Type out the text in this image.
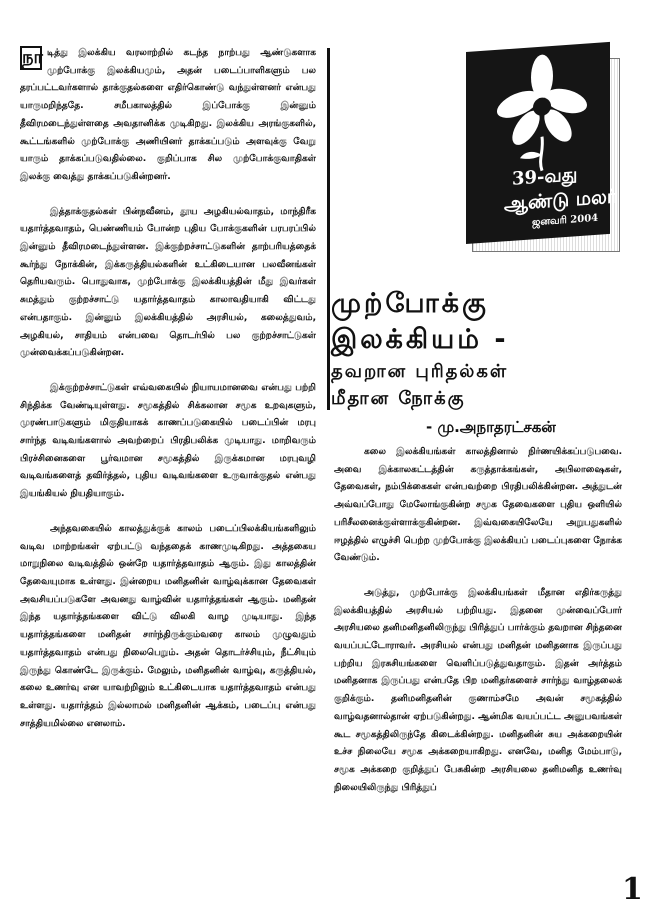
நா டித்து இலக்கிய வரலாற்றில் கடந்த நாற்பது ஆண்டுகளாக முற்போக்கு இலக்கியமும், அதன் படைப்பாளிகளும் பல தரப்பட்டவர்களால் தாக்குதல்களை எதிர்கொண்டு வந்துள்ளனர் என்பது யாருமறிந்ததே. சமீபகாலத்தில் இப்போக்கு இன்னும் தீவிரமடைந்துள்ளதை அவதானிக்க முடிகிறது. இலக்கிய அரங்குகளில், கூட்டங்களில் முற்போக்கு அணியினர் தாக்கப்படும் அளவுக்கு வேறு யாரும் தாக்கப்படுவதில்லை. குறிப்பாக சில முற்போக்குவாதிகள் இலக்கு வைத்து தாக்கப்படுகின்றனர்.

இத்தாக்குதல்கள் பின்நவீனம், தூய அழகியல்வாதம், மாந்திரீக யதார்த்தவாதம், பெண்ணியம் போன்ற புதிய போக்குகளின் பரபரப்பில் இன்னும் தீவிரமடைந்துள்ளன. இக்குற்றச்சாட்டுகளின் தாற்பரியத்தைக் கூர்ந்து நோக்கின், இக்கருத்தியல்களின் உட்கிடையான பலவீனங்கள் தெரியவரும். பொதுவாக, முற்போக்கு இலக்கியத்தின் மீது இவர்கள் சுமத்தும் குற்றச்சாட்டு யதார்த்தவாதம் காலாவதியாகி விட்டது என்பதாகும். இன்னும் இலக்கியத்தில் அரசியல், கலைத்துவம், அழகியல், சாதியம் என்பவை தொடர்பில் பல குற்றச்சாட்டுகள் முன்வைக்கப்படுகின்றன.

இக்குற்றச்சாட்டுகள் எவ்வகையில் நியாயமானவை என்பது பற்றி சிந்திக்க வேண்டியுள்ளது. சமூகத்தில் சிக்கலான சமூக உறவுகளும், முரண்பாடுகளும் மிகுதியாகக் காணப்படுகையில் படைப்பின் மரபு சார்ந்த வடிவங்களால் அவற்றைப் பிரதிபலிக்க முடியாது. மாறிவரும் பிரச்சினைகளை பூர்வமான சமூகத்தில் இருக்கமான மரபுவழி வடிவங்களைத் தவிர்த்தல், புதிய வடிவங்களை உருவாக்குதல் என்பது இயங்கியல் நியதியாகும்.

அந்தவகையில் காலத்துக்குக் காலம் படைப்பிலக்கியங்களிலும் வடிவ மாற்றங்கள் ஏற்பட்டு வந்ததைக் காணமுடிகிறது. அத்தகைய மாறுநிலை வடிவத்தில் ஒன்றே யதார்த்தவாதம் ஆகும். இது காலத்தின் தேவையுமாக உள்ளது. இன்றைய மனிதனின் வாழ்வுக்கான தேவைகள் அவசியப்படுகளே அவனது வாழ்வின் யதார்த்தங்கள் ஆகும். மனிதன் இந்த யதார்த்தங்களை விட்டு விலகி வாழ முடியாது. இந்த யதார்த்தங்களை மனிதன் சார்ந்திருக்கும்வரை காலம் முழுவதும் யதார்த்தவாதம் என்பது நிலைபெறும். அதன் தொடர்ச்சியும், நீட்சியும் இருந்து கொண்டே இருக்கும். மேலும், மனிதனின் வாழ்வு, கருத்தியல், கலை உணர்வு என யாவற்றிலும் உட்கிடையாக யதார்த்தவாதம் என்பது உள்ளது. யதார்த்தம் இல்லாமல் மனிதனின் ஆக்கம், படைப்பு என்பது சாத்தியமில்லை எனலாம்.

39-வது
ஆண்டு மலர்
ஜனவரி 2004
முற்போக்கு
இலக்கியம் -
தவறான புரிதல்கள்
மீதான நோக்கு
- மு.அநாதரட்சகன்

கலை இலக்கியங்கள் காலத்தினால் நிர்ணயிக்கப்படுபவை. அவை இக்காலகட்டத்தின் கருத்தாக்கங்கள், அபிலாஷைகள், தேவைகள், நம்பிக்கைகள் என்பவற்றை பிரதிபலிக்கின்றன. அத்துடன் அவ்வப்போது மேலோங்குகின்ற சமூக தேவைகளை புதிய ஒளியில் பரிசீலனைக்குள்ளாக்குகின்றன. இவ்வகையிலேயே அறுபதுகளில் ஈழத்தில் எழுச்சி பெற்ற முற்போக்கு இலக்கியப் படைப்புகளை நோக்க வேண்டும்.

அடுத்து, முற்போக்கு இலக்கியங்கள் மீதான எதிர்கருத்து இலக்கியத்தில் அரசியல் பற்றியது. இதனை முன்வைப்போர் அரசியலை தனிமனிதனிலிருந்து பிரித்துப் பார்க்கும் தவறான சிந்தனை வயப்பட்டோராவர். அரசியல் என்பது மனிதன் மனிதனாக இருப்பது பற்றிய இரசுசியங்களை வெளிப்படுத்துவதாகும். இதன் அர்த்தம் மனிதனாக இருப்பது என்பதே பிற மனிதர்களைச் சார்ந்து வாழ்தலைக் குறிக்கும். தனிமனிதனின் குணாம்சமே அவன் சமூகத்தில் வாழ்வதனால்தான் ஏற்படுகின்றது. ஆன்மிக வயப்பட்ட அனுபவங்கள் கூட சமூகத்திலிருந்தே கிடைக்கின்றது. மனிதனின் சுய அக்கறையின் உச்ச நிலையே சமூக அக்கறையாகிறது. எனவே, மனித மேம்பாடு, சமூக அக்கறை குறித்துப் பேசுகின்ற அரசியலை தனிமனித உணர்வு நிலையிலிருந்து பிரித்துப்

1
